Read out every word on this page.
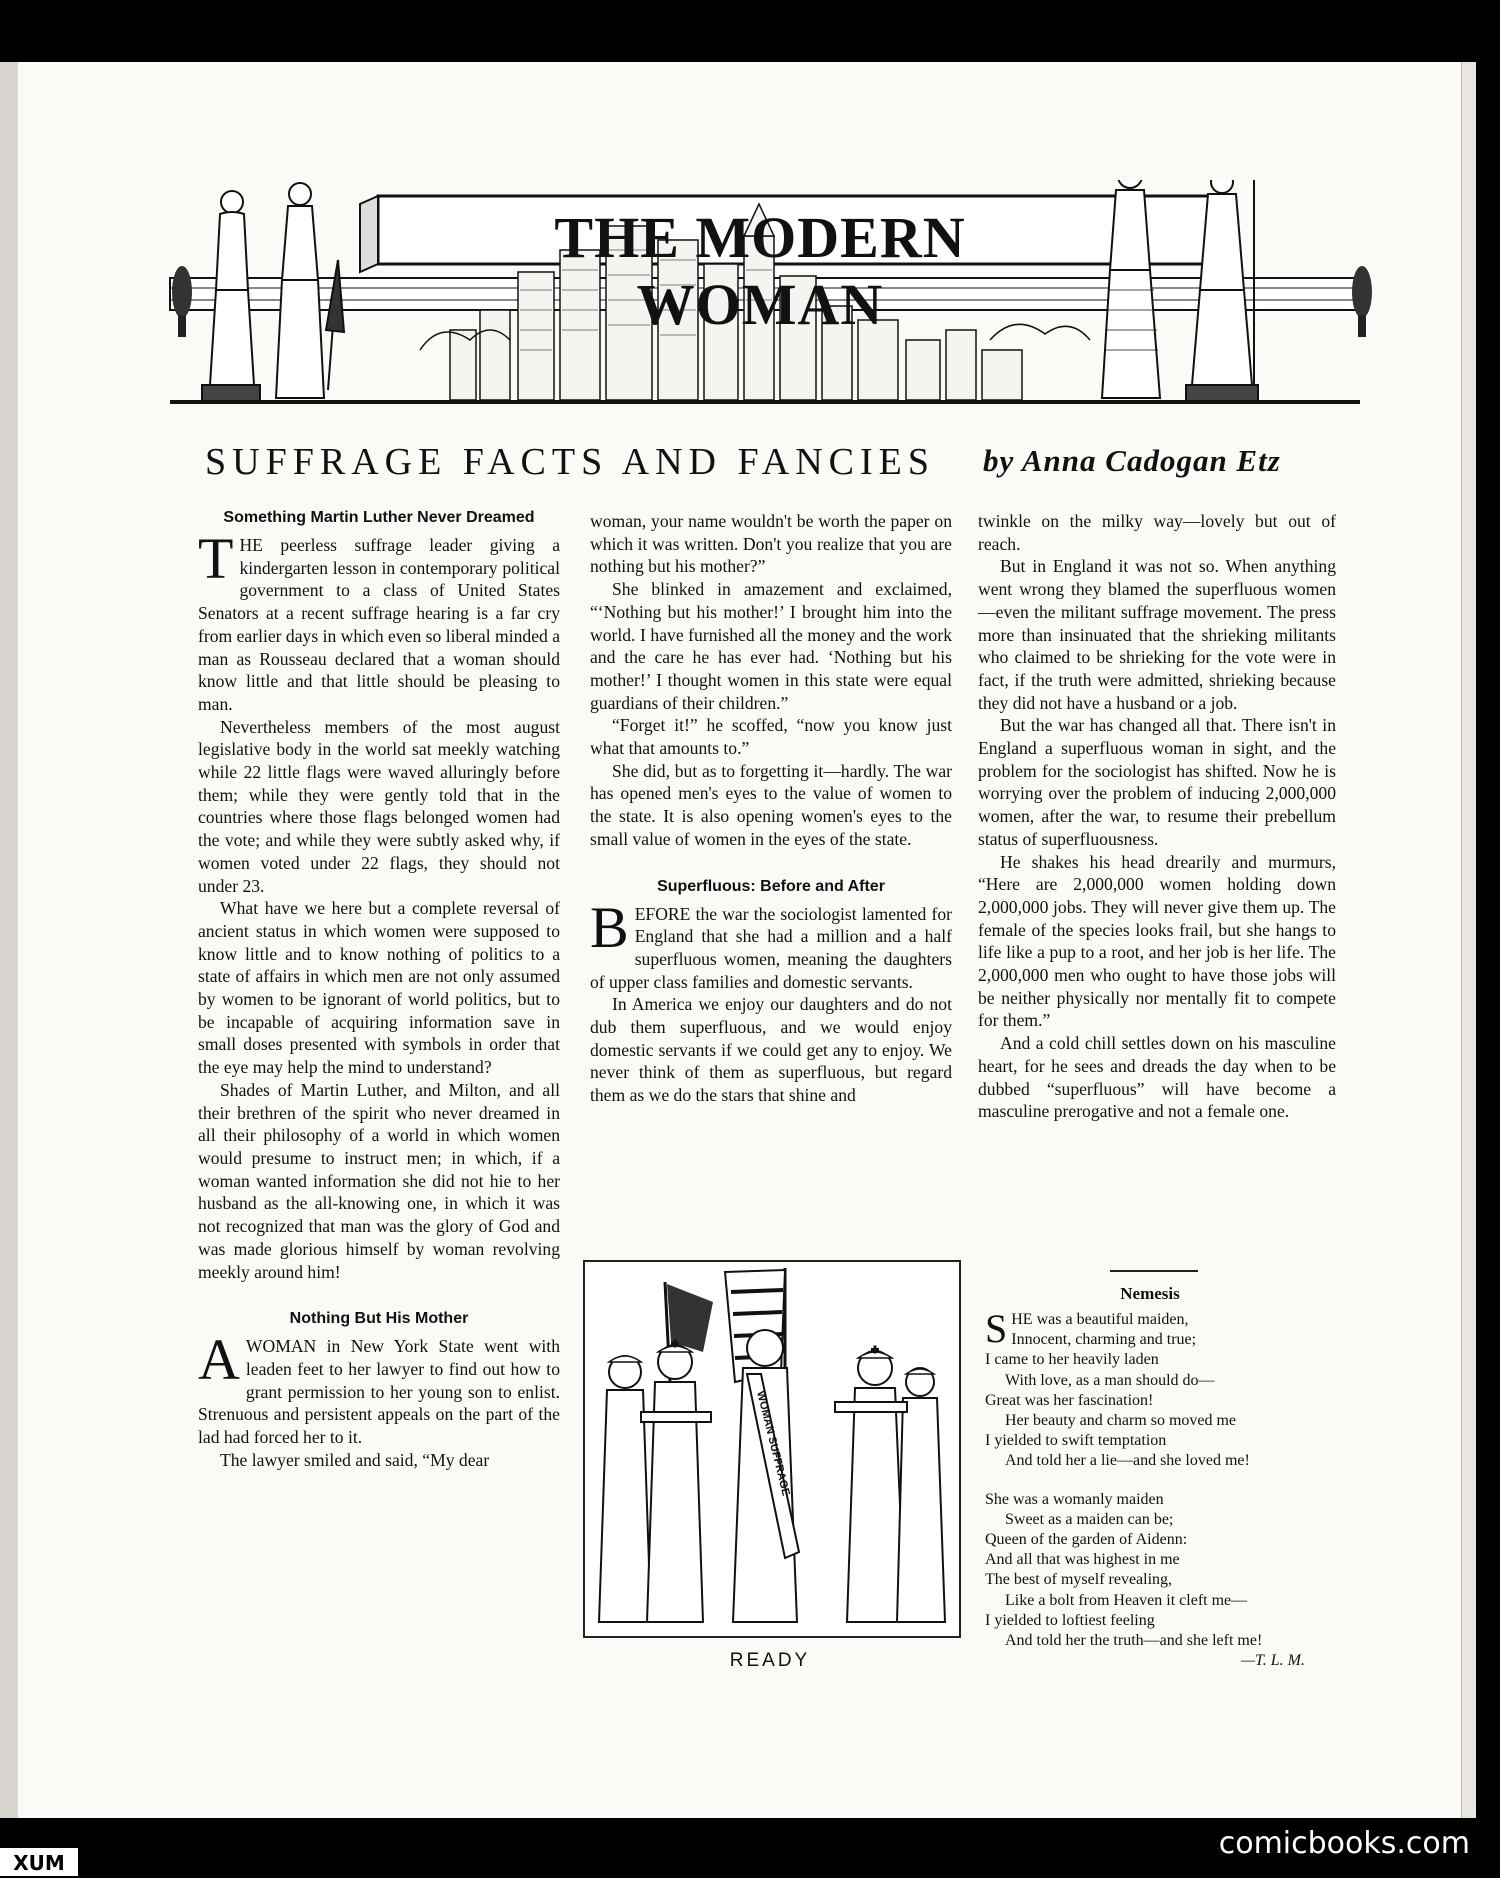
THE MODERN WOMAN
SUFFRAGE FACTS AND FANCIES by Anna Cadogan Etz
Something Martin Luther Never Dreamed

THE peerless suffrage leader giving a kindergarten lesson in contemporary political government to a class of United States Senators at a recent suffrage hearing is a far cry from earlier days in which even so liberal minded a man as Rousseau declared that a woman should know little and that little should be pleasing to man.

Nevertheless members of the most august legislative body in the world sat meekly watching while 22 little flags were waved alluringly before them; while they were gently told that in the countries where those flags belonged women had the vote; and while they were subtly asked why, if women voted under 22 flags, they should not under 23.

What have we here but a complete reversal of ancient status in which women were supposed to know little and to know nothing of politics to a state of affairs in which men are not only assumed by women to be ignorant of world politics, but to be incapable of acquiring information save in small doses presented with symbols in order that the eye may help the mind to understand?

Shades of Martin Luther, and Milton, and all their brethren of the spirit who never dreamed in all their philosophy of a world in which women would presume to instruct men; in which, if a woman wanted information she did not hie to her husband as the all-knowing one, in which it was not recognized that man was the glory of God and was made glorious himself by woman revolving meekly around him!

Nothing But His Mother

AWOMAN in New York State went with leaden feet to her lawyer to find out how to grant permission to her young son to enlist. Strenuous and persistent appeals on the part of the lad had forced her to it.

The lawyer smiled and said, “My dear

woman, your name wouldn't be worth the paper on which it was written. Don't you realize that you are nothing but his mother?”

She blinked in amazement and exclaimed, “‘Nothing but his mother!’ I brought him into the world. I have furnished all the money and the work and the care he has ever had. ‘Nothing but his mother!’ I thought women in this state were equal guardians of their children.”

“Forget it!” he scoffed, “now you know just what that amounts to.”

She did, but as to forgetting it—hardly. The war has opened men's eyes to the value of women to the state. It is also opening women's eyes to the small value of women in the eyes of the state.

Superfluous: Before and After

BEFORE the war the sociologist lamented for England that she had a million and a half superfluous women, meaning the daughters of upper class families and domestic servants.

In America we enjoy our daughters and do not dub them superfluous, and we would enjoy domestic servants if we could get any to enjoy. We never think of them as superfluous, but regard them as we do the stars that shine and

WOMAN SUFFRAGE
READY

twinkle on the milky way—lovely but out of reach.

But in England it was not so. When anything went wrong they blamed the superfluous women—even the militant suffrage movement. The press more than insinuated that the shrieking militants who claimed to be shrieking for the vote were in fact, if the truth were admitted, shrieking because they did not have a husband or a job.

But the war has changed all that. There isn't in England a superfluous woman in sight, and the problem for the sociologist has shifted. Now he is worrying over the problem of inducing 2,000,000 women, after the war, to resume their prebellum status of superfluousness.

He shakes his head drearily and murmurs, “Here are 2,000,000 women holding down 2,000,000 jobs. They will never give them up. The female of the species looks frail, but she hangs to life like a pup to a root, and her job is her life. The 2,000,000 men who ought to have those jobs will be neither physically nor mentally fit to compete for them.”

And a cold chill settles down on his masculine heart, for he sees and dreads the day when to be dubbed “superfluous” will have become a masculine prerogative and not a female one.

Nemesis
SHE was a beautiful maiden,
Innocent, charming and true;
I came to her heavily laden
With love, as a man should do—
Great was her fascination!
Her beauty and charm so moved me
I yielded to swift temptation
And told her a lie—and she loved me!
She was a womanly maiden
Sweet as a maiden can be;
Queen of the garden of Aidenn:
And all that was highest in me
The best of myself revealing,
Like a bolt from Heaven it cleft me—
I yielded to loftiest feeling
And told her the truth—and she left me!
—T. L. M.
comicbooks.com
XUM
